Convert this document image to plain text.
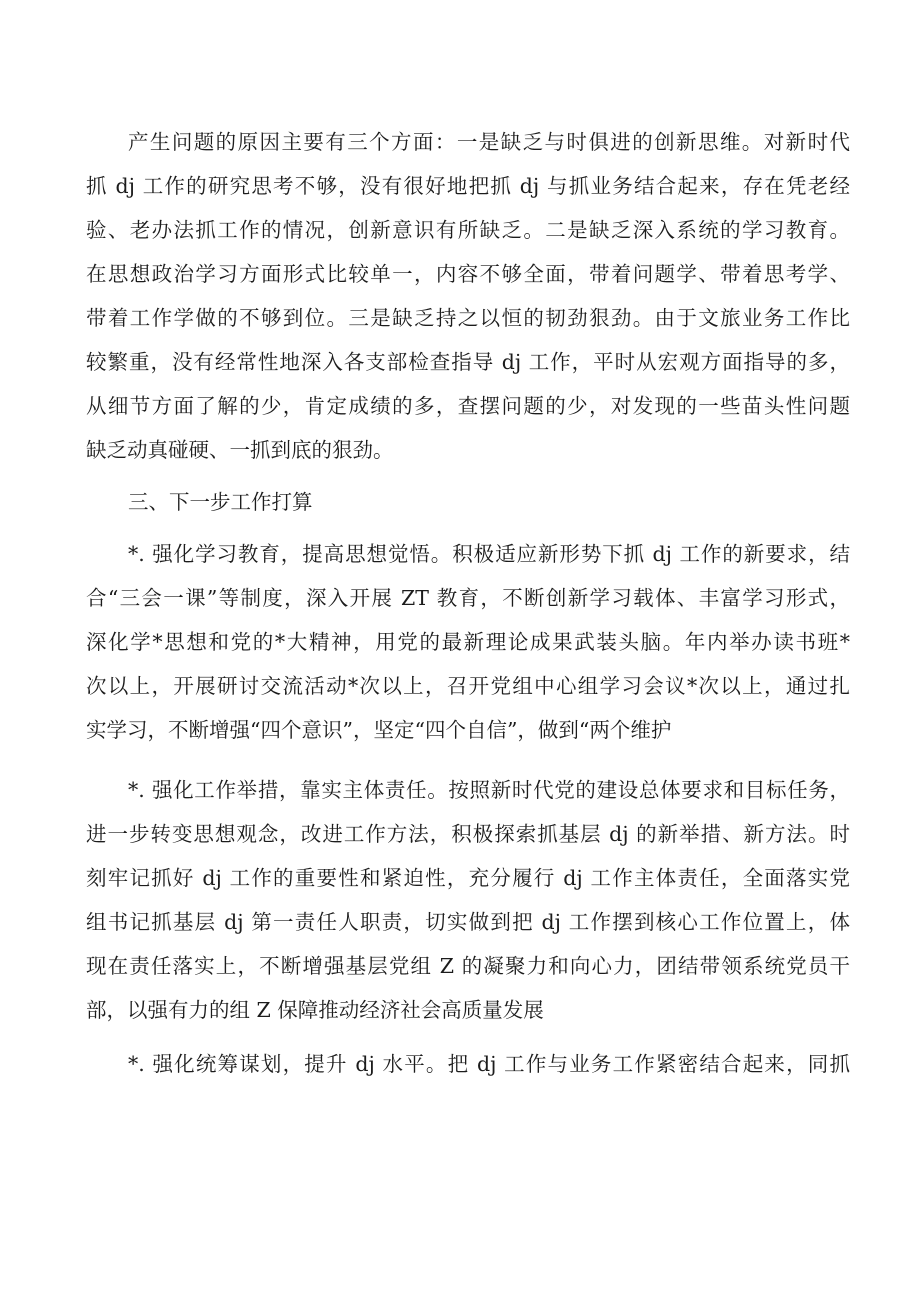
产生问题的原因主要有三个方面：一是缺乏与时俱进的创新思维。对新时代
抓 dj 工作的研究思考不够，没有很好地把抓 dj 与抓业务结合起来，存在凭老经
验、老办法抓工作的情况，创新意识有所缺乏。二是缺乏深入系统的学习教育。
在思想政治学习方面形式比较单一，内容不够全面，带着问题学、带着思考学、
带着工作学做的不够到位。三是缺乏持之以恒的韧劲狠劲。由于文旅业务工作比
较繁重，没有经常性地深入各支部检查指导 dj 工作，平时从宏观方面指导的多，
从细节方面了解的少，肯定成绩的多，查摆问题的少，对发现的一些苗头性问题
缺乏动真碰硬、一抓到底的狠劲。
三、下一步工作打算
*. 强化学习教育，提高思想觉悟。积极适应新形势下抓 dj 工作的新要求，结
合“三会一课”等制度，深入开展 ZT 教育，不断创新学习载体、丰富学习形式，
深化学*思想和党的*大精神，用党的最新理论成果武装头脑。年内举办读书班*
次以上，开展研讨交流活动*次以上，召开党组中心组学习会议*次以上，通过扎
实学习，不断增强“四个意识”，坚定“四个自信”，做到“两个维护
*. 强化工作举措，靠实主体责任。按照新时代党的建设总体要求和目标任务，
进一步转变思想观念，改进工作方法，积极探索抓基层 dj 的新举措、新方法。时
刻牢记抓好 dj 工作的重要性和紧迫性，充分履行 dj 工作主体责任，全面落实党
组书记抓基层 dj 第一责任人职责，切实做到把 dj 工作摆到核心工作位置上，体
现在责任落实上，不断增强基层党组 Z 的凝聚力和向心力，团结带领系统党员干
部，以强有力的组 Z 保障推动经济社会高质量发展
*. 强化统筹谋划，提升 dj 水平。把 dj 工作与业务工作紧密结合起来，同抓
